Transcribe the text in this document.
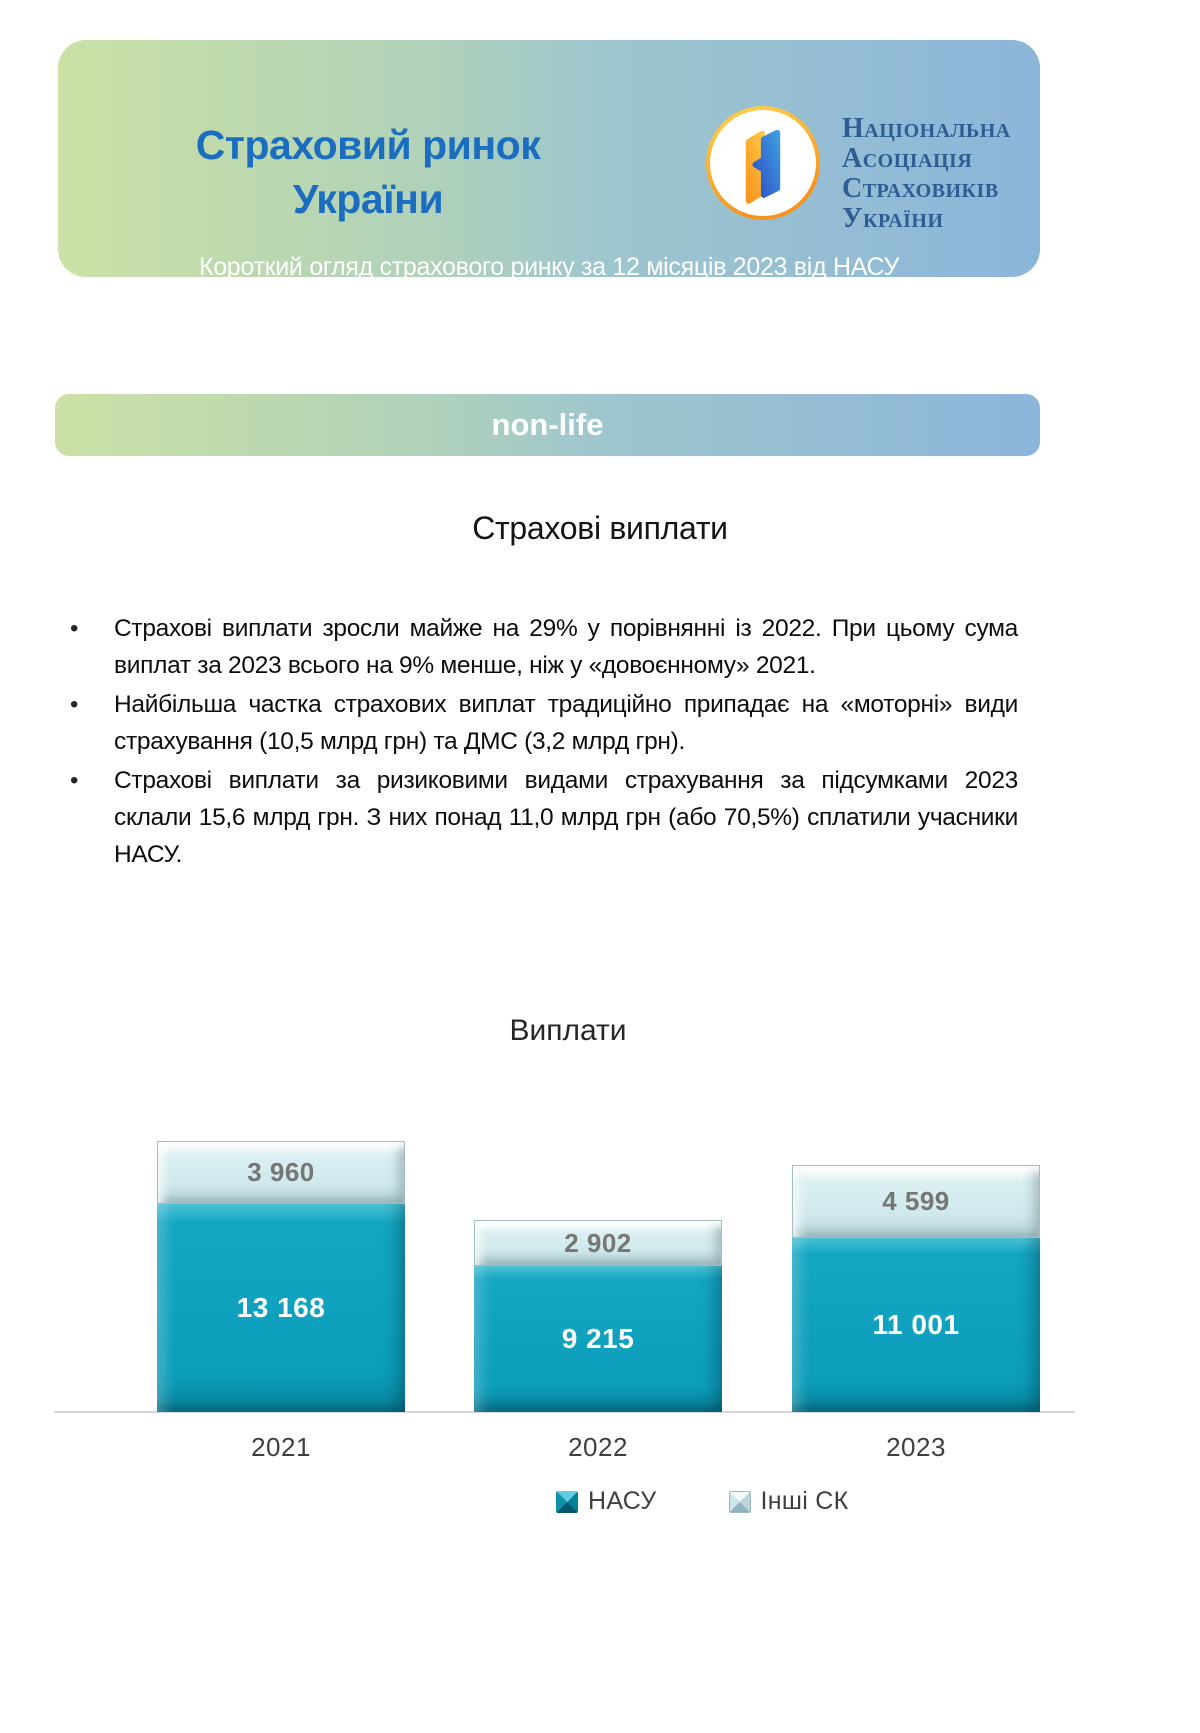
Страховий ринок
України
Національна
Асоціація
Страховиків
України
Короткий огляд страхового ринку за 12 місяців 2023 від НАСУ
non-life
Страхові виплати
• Страхові виплати зросли майже на 29% у порівнянні із 2022. При цьому сума виплат за 2023 всього на 9% менше, ніж у «довоєнному» 2021.
• Найбільша частка страхових виплат традиційно припадає на «моторні» види страхування (10,5 млрд грн) та ДМС (3,2 млрд грн).
• Страхові виплати за ризиковими видами страхування за підсумками 2023 склали 15,6 млрд грн. З них понад 11,0 млрд грн (або 70,5%) сплатили учасники НАСУ.
Виплати
3 960
13 168
2 902
9 215
4 599
11 001
2021	2022	2023
НАСУ	Інші СК
